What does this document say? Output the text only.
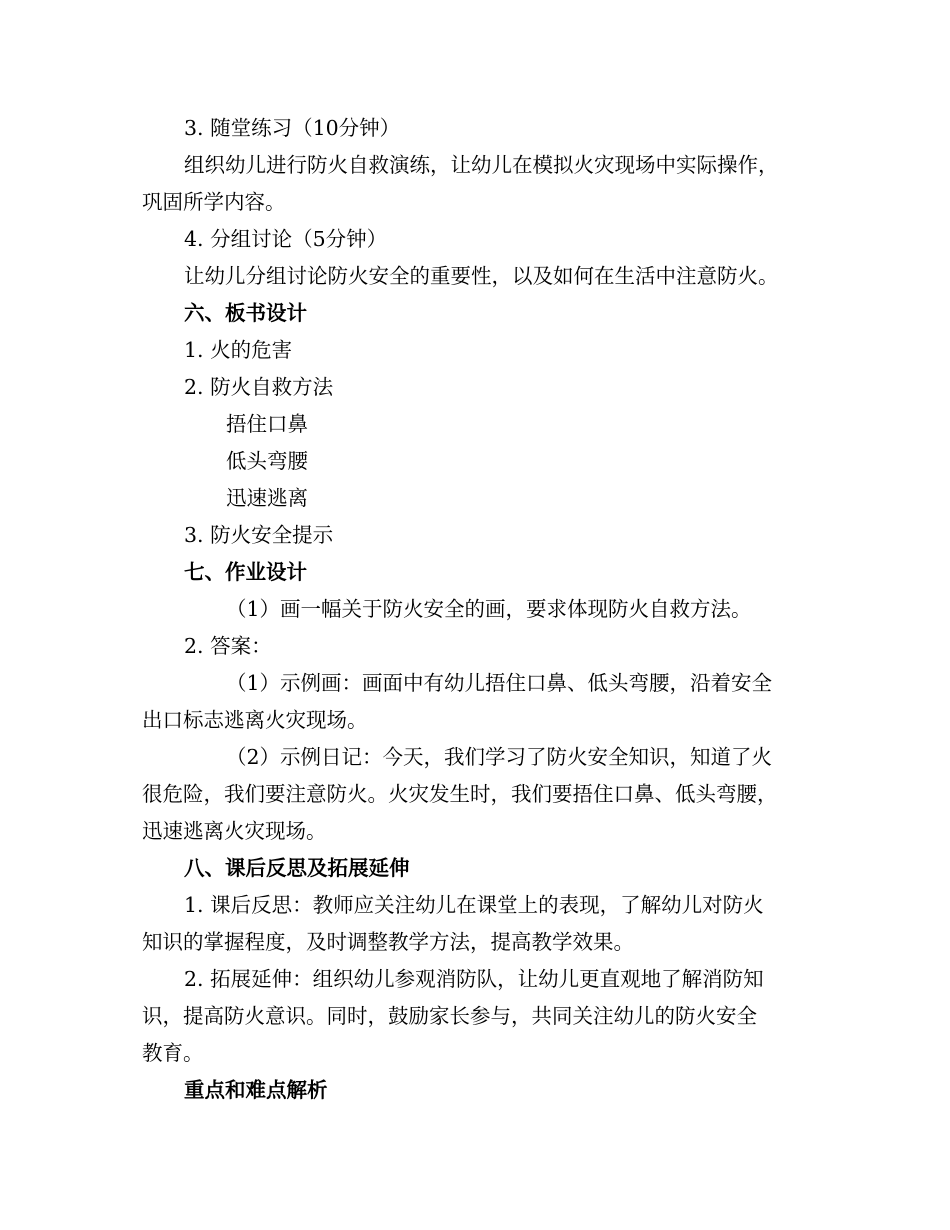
3. 随堂练习（10分钟）

组织幼儿进行防火自救演练，让幼儿在模拟火灾现场中实际操作，

巩固所学内容。

4. 分组讨论（5分钟）

让幼儿分组讨论防火安全的重要性，以及如何在生活中注意防火。

六、板书设计

1. 火的危害

2. 防火自救方法

捂住口鼻

低头弯腰

迅速逃离

3. 防火安全提示

七、作业设计

（1）画一幅关于防火安全的画，要求体现防火自救方法。

2. 答案：

（1）示例画：画面中有幼儿捂住口鼻、低头弯腰，沿着安全

出口标志逃离火灾现场。

（2）示例日记：今天，我们学习了防火安全知识，知道了火

很危险，我们要注意防火。火灾发生时，我们要捂住口鼻、低头弯腰，

迅速逃离火灾现场。

八、课后反思及拓展延伸

1. 课后反思：教师应关注幼儿在课堂上的表现，了解幼儿对防火

知识的掌握程度，及时调整教学方法，提高教学效果。

2. 拓展延伸：组织幼儿参观消防队，让幼儿更直观地了解消防知

识，提高防火意识。同时，鼓励家长参与，共同关注幼儿的防火安全

教育。

重点和难点解析
